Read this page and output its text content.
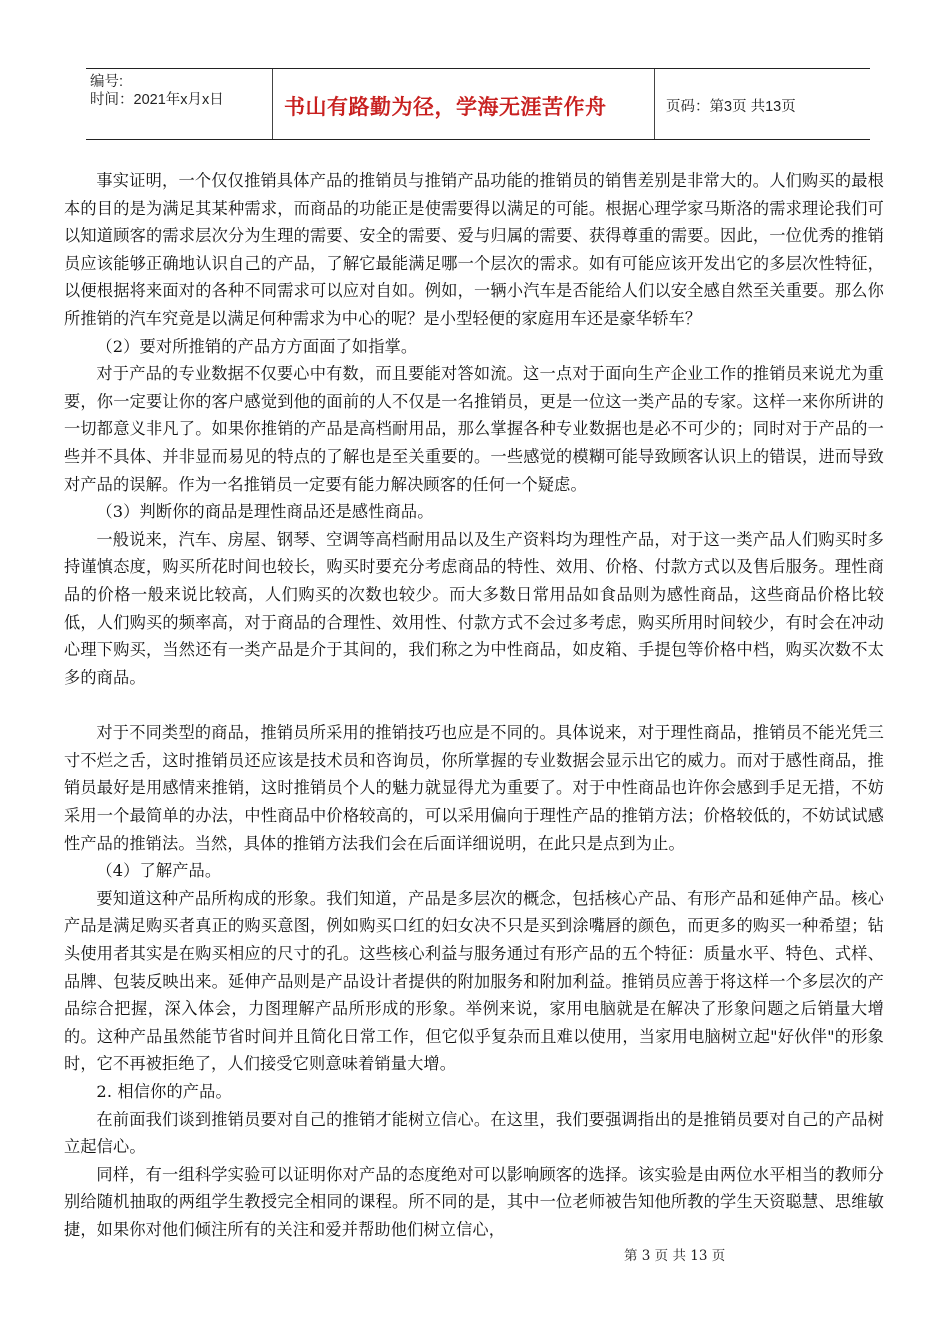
编号:
时间：2021年x月x日	书山有路勤为径，学海无涯苦作舟	页码：第3页 共13页

事实证明，一个仅仅推销具体产品的推销员与推销产品功能的推销员的销售差别是非常大的。人们购买的最根本的目的是为满足其某种需求，而商品的功能正是使需要得以满足的可能。根据心理学家马斯洛的需求理论我们可以知道顾客的需求层次分为生理的需要、安全的需要、爱与归属的需要、获得尊重的需要。因此，一位优秀的推销员应该能够正确地认识自己的产品，了解它最能满足哪一个层次的需求。如有可能应该开发出它的多层次性特征，以便根据将来面对的各种不同需求可以应对自如。例如，一辆小汽车是否能给人们以安全感自然至关重要。那么你所推销的汽车究竟是以满足何种需求为中心的呢？是小型轻便的家庭用车还是豪华轿车？

（2）要对所推销的产品方方面面了如指掌。

对于产品的专业数据不仅要心中有数，而且要能对答如流。这一点对于面向生产企业工作的推销员来说尤为重要，你一定要让你的客户感觉到他的面前的人不仅是一名推销员，更是一位这一类产品的专家。这样一来你所讲的一切都意义非凡了。如果你推销的产品是高档耐用品，那么掌握各种专业数据也是必不可少的；同时对于产品的一些并不具体、并非显而易见的特点的了解也是至关重要的。一些感觉的模糊可能导致顾客认识上的错误，进而导致对产品的误解。作为一名推销员一定要有能力解决顾客的任何一个疑虑。

（3）判断你的商品是理性商品还是感性商品。

一般说来，汽车、房屋、钢琴、空调等高档耐用品以及生产资料均为理性产品，对于这一类产品人们购买时多持谨慎态度，购买所花时间也较长，购买时要充分考虑商品的特性、效用、价格、付款方式以及售后服务。理性商品的价格一般来说比较高，人们购买的次数也较少。而大多数日常用品如食品则为感性商品，这些商品价格比较低，人们购买的频率高，对于商品的合理性、效用性、付款方式不会过多考虑，购买所用时间较少，有时会在冲动心理下购买，当然还有一类产品是介于其间的，我们称之为中性商品，如皮箱、手提包等价格中档，购买次数不太多的商品。

对于不同类型的商品，推销员所采用的推销技巧也应是不同的。具体说来，对于理性商品，推销员不能光凭三寸不烂之舌，这时推销员还应该是技术员和咨询员，你所掌握的专业数据会显示出它的威力。而对于感性商品，推销员最好是用感情来推销，这时推销员个人的魅力就显得尤为重要了。对于中性商品也许你会感到手足无措，不妨采用一个最简单的办法，中性商品中价格较高的，可以采用偏向于理性产品的推销方法；价格较低的，不妨试试感性产品的推销法。当然，具体的推销方法我们会在后面详细说明，在此只是点到为止。

（4）了解产品。

要知道这种产品所构成的形象。我们知道，产品是多层次的概念，包括核心产品、有形产品和延伸产品。核心产品是满足购买者真正的购买意图，例如购买口红的妇女决不只是买到涂嘴唇的颜色，而更多的购买一种希望；钻头使用者其实是在购买相应的尺寸的孔。这些核心利益与服务通过有形产品的五个特征：质量水平、特色、式样、品牌、包装反映出来。延伸产品则是产品设计者提供的附加服务和附加利益。推销员应善于将这样一个多层次的产品综合把握，深入体会，力图理解产品所形成的形象。举例来说，家用电脑就是在解决了形象问题之后销量大增的。这种产品虽然能节省时间并且简化日常工作，但它似乎复杂而且难以使用，当家用电脑树立起"好伙伴"的形象时，它不再被拒绝了，人们接受它则意味着销量大增。

2. 相信你的产品。

在前面我们谈到推销员要对自己的推销才能树立信心。在这里，我们要强调指出的是推销员要对自己的产品树立起信心。

同样，有一组科学实验可以证明你对产品的态度绝对可以影响顾客的选择。该实验是由两位水平相当的教师分别给随机抽取的两组学生教授完全相同的课程。所不同的是，其中一位老师被告知他所教的学生天资聪慧、思维敏捷，如果你对他们倾注所有的关注和爱并帮助他们树立信心，

第 3 页 共 13 页
